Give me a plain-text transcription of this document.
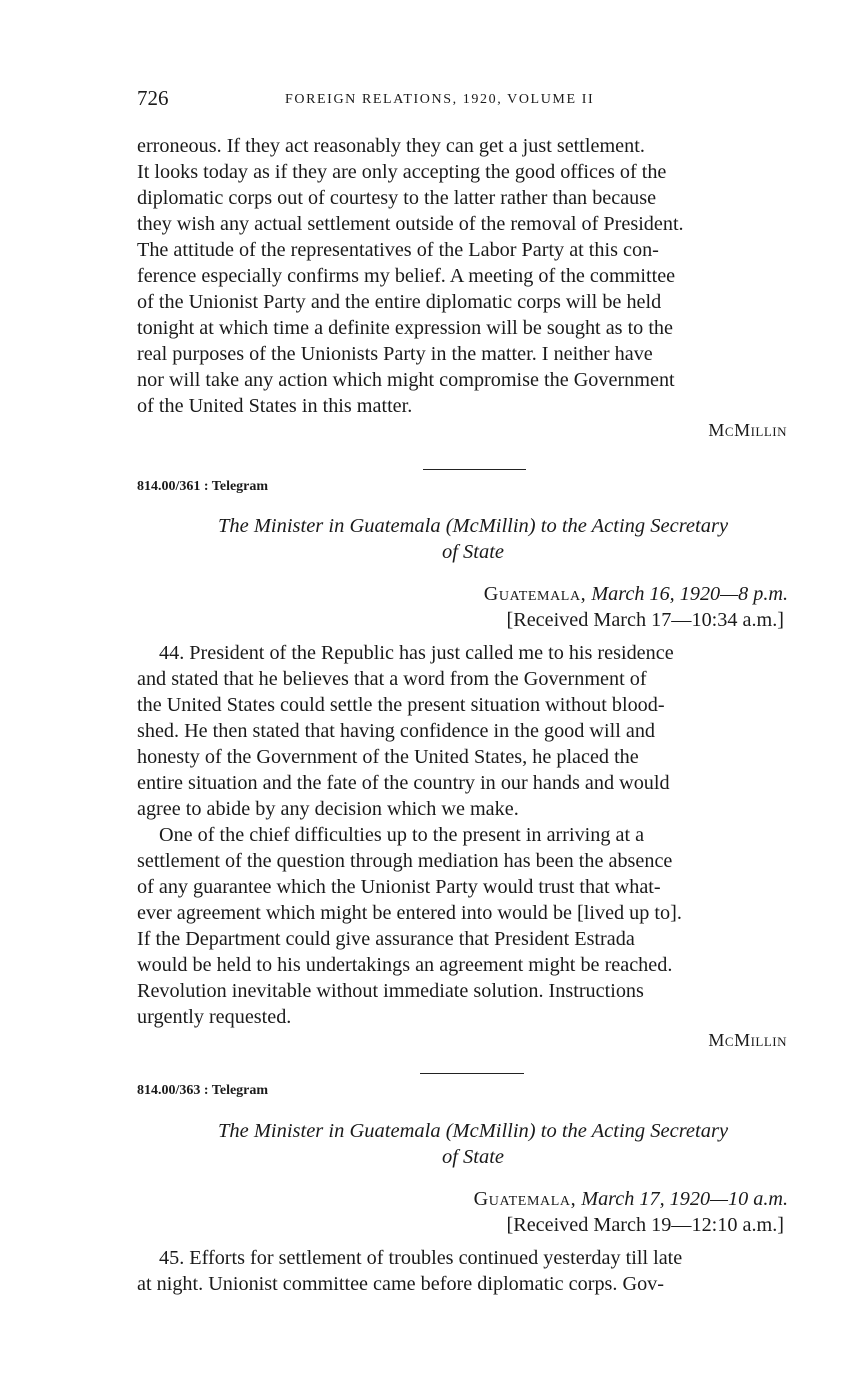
726	FOREIGN RELATIONS, 1920, VOLUME II
erroneous. If they act reasonably they can get a just settlement.
It looks today as if they are only accepting the good offices of the
diplomatic corps out of courtesy to the latter rather than because
they wish any actual settlement outside of the removal of President.
The attitude of the representatives of the Labor Party at this con-
ference especially confirms my belief. A meeting of the committee
of the Unionist Party and the entire diplomatic corps will be held
tonight at which time a definite expression will be sought as to the
real purposes of the Unionists Party in the matter. I neither have
nor will take any action which might compromise the Government
of the United States in this matter.
McMillin
814.00/361 : Telegram
The Minister in Guatemala (McMillin) to the Acting Secretary
of State
Guatemala, March 16, 1920—8 p.m.
[Received March 17—10:34 a.m.]
44. President of the Republic has just called me to his residence
and stated that he believes that a word from the Government of
the United States could settle the present situation without blood-
shed. He then stated that having confidence in the good will and
honesty of the Government of the United States, he placed the
entire situation and the fate of the country in our hands and would
agree to abide by any decision which we make.
One of the chief difficulties up to the present in arriving at a
settlement of the question through mediation has been the absence
of any guarantee which the Unionist Party would trust that what-
ever agreement which might be entered into would be [lived up to].
If the Department could give assurance that President Estrada
would be held to his undertakings an agreement might be reached.
Revolution inevitable without immediate solution. Instructions
urgently requested.
McMillin
814.00/363 : Telegram
The Minister in Guatemala (McMillin) to the Acting Secretary
of State
Guatemala, March 17, 1920—10 a.m.
[Received March 19—12:10 a.m.]
45. Efforts for settlement of troubles continued yesterday till late
at night. Unionist committee came before diplomatic corps. Gov-
